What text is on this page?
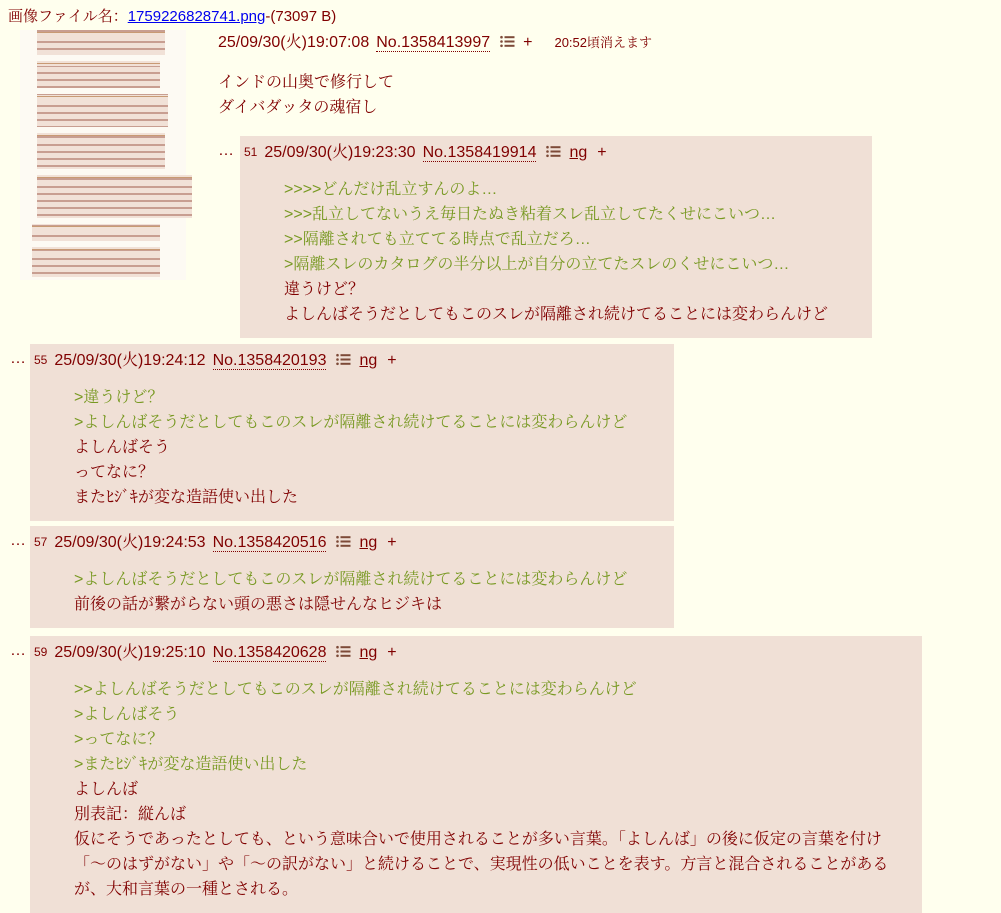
画像ファイル名：1759226828741.png-(73097 B)
25/09/30(火)19:07:08 No.1358413997 + 20:52頃消えます
インドの山奥で修行して
ダイバダッタの魂宿し
… $^{51}$ 25/09/30(火)19:23:30 No.1358419914 ng +
>>>>どんだけ乱立すんのよ…
>>>乱立してないうえ毎日たぬき粘着スレ乱立してたくせにこいつ…
>>隔離されても立ててる時点で乱立だろ…
>隔離スレのカタログの半分以上が自分の立てたスレのくせにこいつ…
違うけど？
よしんばそうだとしてもこのスレが隔離され続けてることには変わらんけど
… $^{55}$ 25/09/30(火)19:24:12 No.1358420193 ng +
>違うけど？
>よしんばそうだとしてもこのスレが隔離され続けてることには変わらんけど
よしんばそう
ってなに？
またﾋｼﾞｷが変な造語使い出した
… $^{57}$ 25/09/30(火)19:24:53 No.1358420516 ng +
>よしんばそうだとしてもこのスレが隔離され続けてることには変わらんけど
前後の話が繋がらない頭の悪さは隠せんなヒジキは
… $^{59}$ 25/09/30(火)19:25:10 No.1358420628 ng +
>>よしんばそうだとしてもこのスレが隔離され続けてることには変わらんけど
>よしんばそう
>ってなに？
>またﾋｼﾞｷが変な造語使い出した
よしんば
別表記：縦んば
仮にそうであったとしても、という意味合いで使用されることが多い言葉。「よしんば」の後に仮定の言葉を付け「〜のはずがない」や「〜の訳がない」と続けることで、実現性の低いことを表す。方言と混合されることがあるが、大和言葉の一種とされる。
